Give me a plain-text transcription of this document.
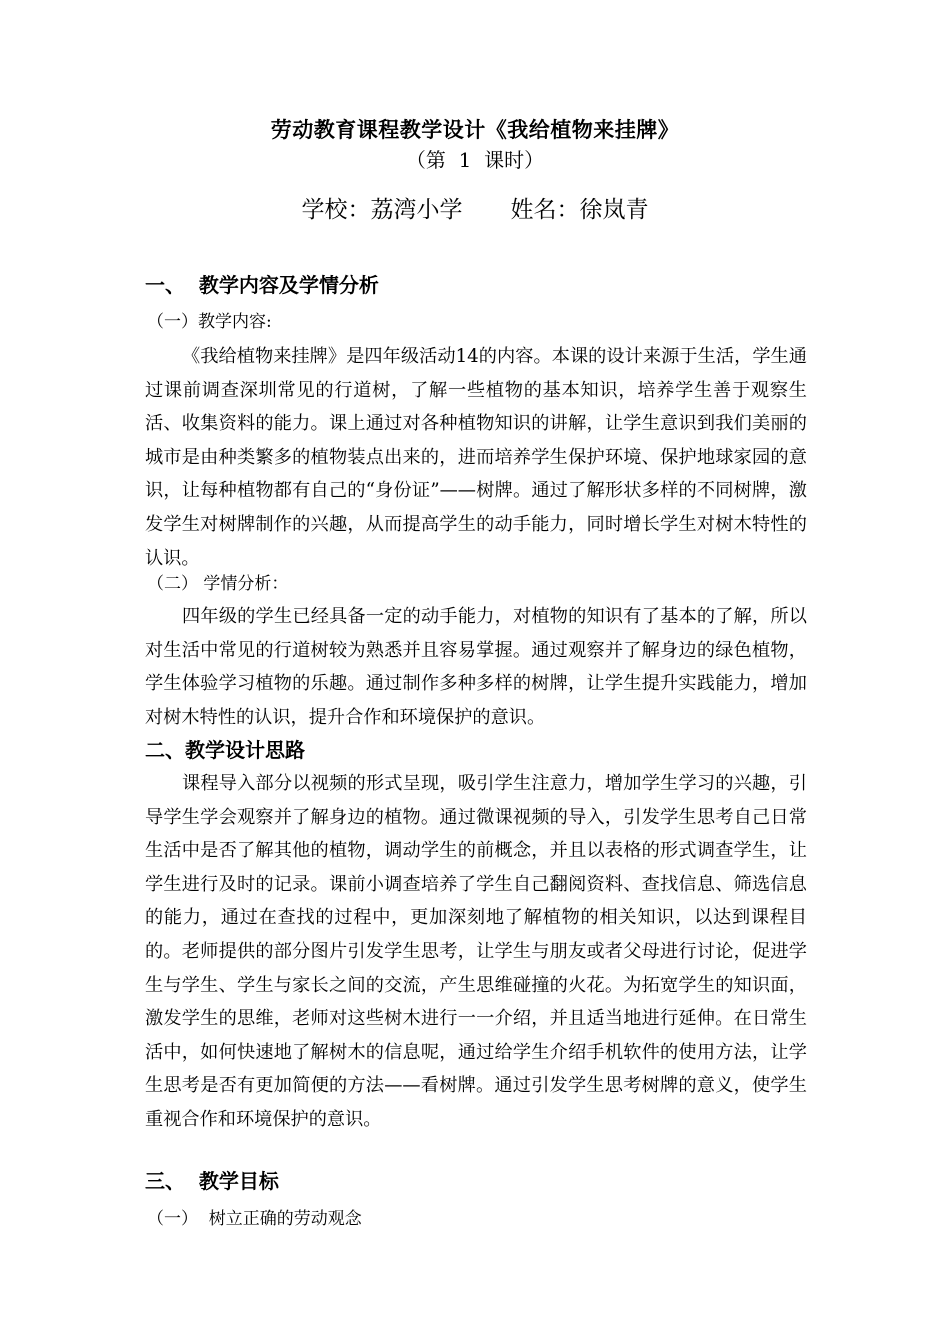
劳动教育课程教学设计《我给植物来挂牌》
（第  1  课时）
学校：荔湾小学 姓名：徐岚青
一、  教学内容及学情分析
（一）教学内容:
《我给植物来挂牌》是四年级活动14的内容。本课的设计来源于生活，学生通过课前调查深圳常见的行道树，了解一些植物的基本知识，培养学生善于观察生活、收集资料的能力。课上通过对各种植物知识的讲解，让学生意识到我们美丽的城市是由种类繁多的植物装点出来的，进而培养学生保护环境、保护地球家园的意识，让每种植物都有自己的“身份证”——树牌。通过了解形状多样的不同树牌，激发学生对树牌制作的兴趣，从而提高学生的动手能力，同时增长学生对树木特性的认识。
（二） 学情分析：
四年级的学生已经具备一定的动手能力，对植物的知识有了基本的了解，所以对生活中常见的行道树较为熟悉并且容易掌握。通过观察并了解身边的绿色植物，学生体验学习植物的乐趣。通过制作多种多样的树牌，让学生提升实践能力，增加对树木特性的认识，提升合作和环境保护的意识。
二、教学设计思路
课程导入部分以视频的形式呈现，吸引学生注意力，增加学生学习的兴趣，引导学生学会观察并了解身边的植物。通过微课视频的导入，引发学生思考自己日常生活中是否了解其他的植物，调动学生的前概念，并且以表格的形式调查学生，让学生进行及时的记录。课前小调查培养了学生自己翻阅资料、查找信息、筛选信息的能力，通过在查找的过程中，更加深刻地了解植物的相关知识，以达到课程目的。老师提供的部分图片引发学生思考，让学生与朋友或者父母进行讨论，促进学生与学生、学生与家长之间的交流，产生思维碰撞的火花。为拓宽学生的知识面，激发学生的思维，老师对这些树木进行一一介绍，并且适当地进行延伸。在日常生活中，如何快速地了解树木的信息呢，通过给学生介绍手机软件的使用方法，让学生思考是否有更加简便的方法——看树牌。通过引发学生思考树牌的意义，使学生重视合作和环境保护的意识。
三、  教学目标
（一）  树立正确的劳动观念
